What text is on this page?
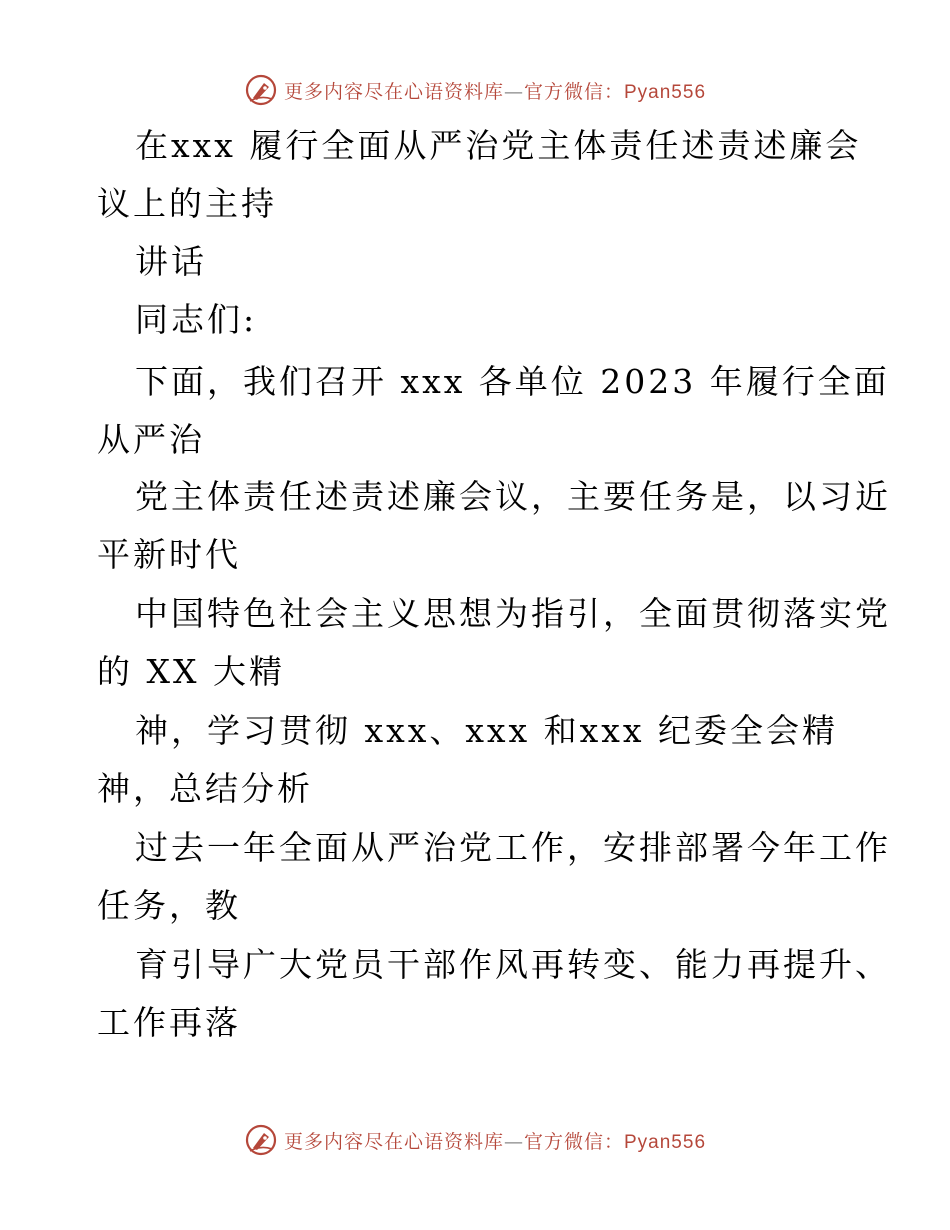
更多内容尽在心语资料库—官方微信：Pyan556
在xxx 履行全面从严治党主体责任述责述廉会
议上的主持
讲话
同志们:
下面，我们召开 xxx 各单位 2023 年履行全面
从严治
党主体责任述责述廉会议，主要任务是，以习近
平新时代
中国特色社会主义思想为指引，全面贯彻落实党
的 XX 大精
神，学习贯彻 xxx、xxx 和xxx 纪委全会精
神，总结分析
过去一年全面从严治党工作，安排部署今年工作
任务，教
育引导广大党员干部作风再转变、能力再提升、
工作再落
更多内容尽在心语资料库—官方微信：Pyan556
